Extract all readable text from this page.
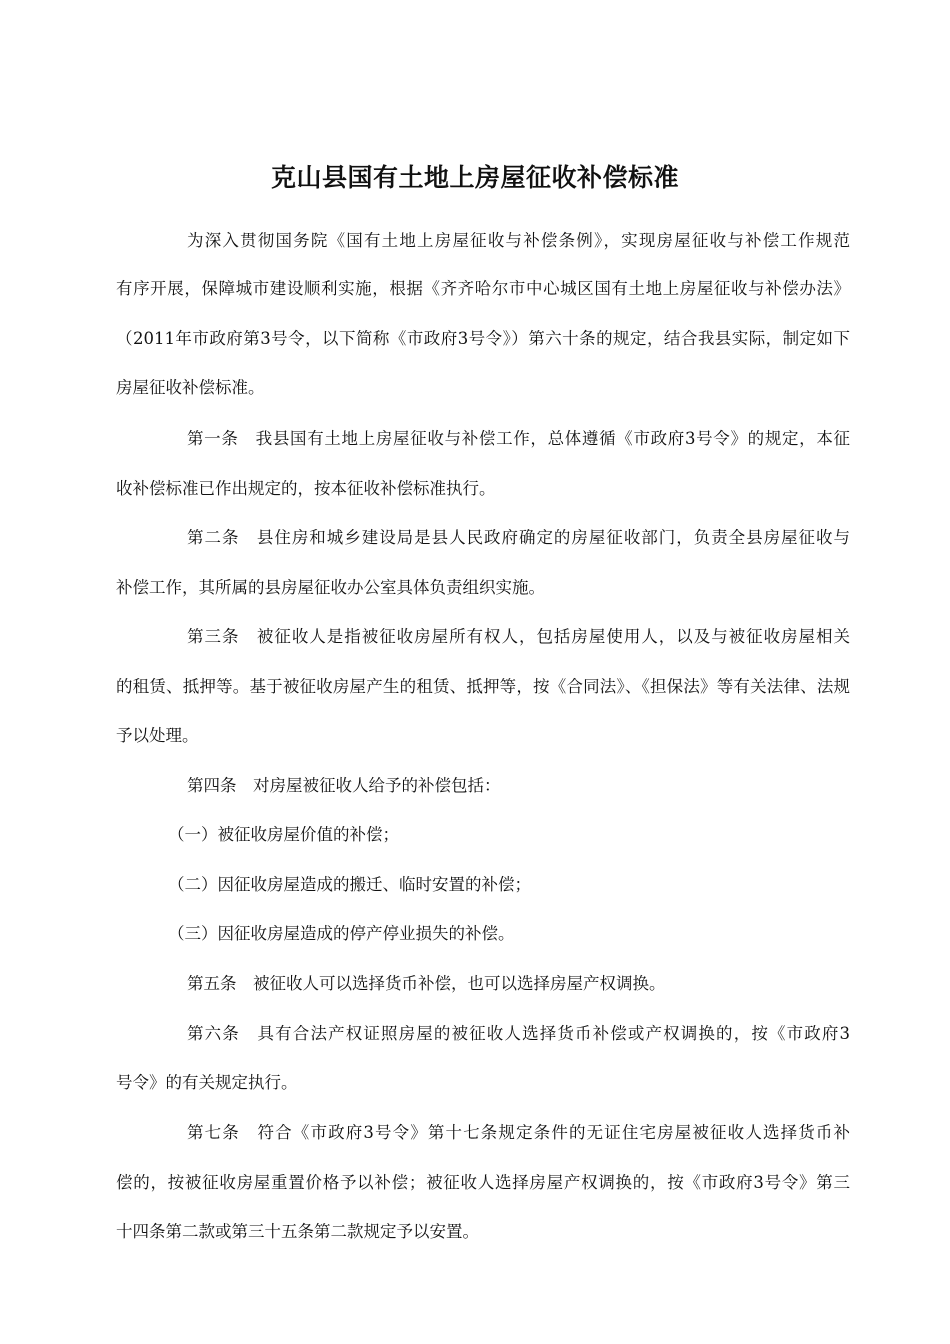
克山县国有土地上房屋征收补偿标准
为深入贯彻国务院《国有土地上房屋征收与补偿条例》，实现房屋征收与补偿工作规范
有序开展，保障城市建设顺利实施，根据《齐齐哈尔市中心城区国有土地上房屋征收与补偿办法》
（2011年市政府第3号令，以下简称《市政府3号令》）第六十条的规定，结合我县实际，制定如下
房屋征收补偿标准。
第一条　我县国有土地上房屋征收与补偿工作，总体遵循《市政府3号令》的规定，本征
收补偿标准已作出规定的，按本征收补偿标准执行。
第二条　县住房和城乡建设局是县人民政府确定的房屋征收部门，负责全县房屋征收与
补偿工作，其所属的县房屋征收办公室具体负责组织实施。
第三条　被征收人是指被征收房屋所有权人，包括房屋使用人，以及与被征收房屋相关
的租赁、抵押等。基于被征收房屋产生的租赁、抵押等，按《合同法》、《担保法》等有关法律、法规
予以处理。
第四条　对房屋被征收人给予的补偿包括：
（一）被征收房屋价值的补偿；
（二）因征收房屋造成的搬迁、临时安置的补偿；
（三）因征收房屋造成的停产停业损失的补偿。
第五条　被征收人可以选择货币补偿，也可以选择房屋产权调换。
第六条　具有合法产权证照房屋的被征收人选择货币补偿或产权调换的，按《市政府3
号令》的有关规定执行。
第七条　符合《市政府3号令》第十七条规定条件的无证住宅房屋被征收人选择货币补
偿的，按被征收房屋重置价格予以补偿；被征收人选择房屋产权调换的，按《市政府3号令》第三
十四条第二款或第三十五条第二款规定予以安置。
